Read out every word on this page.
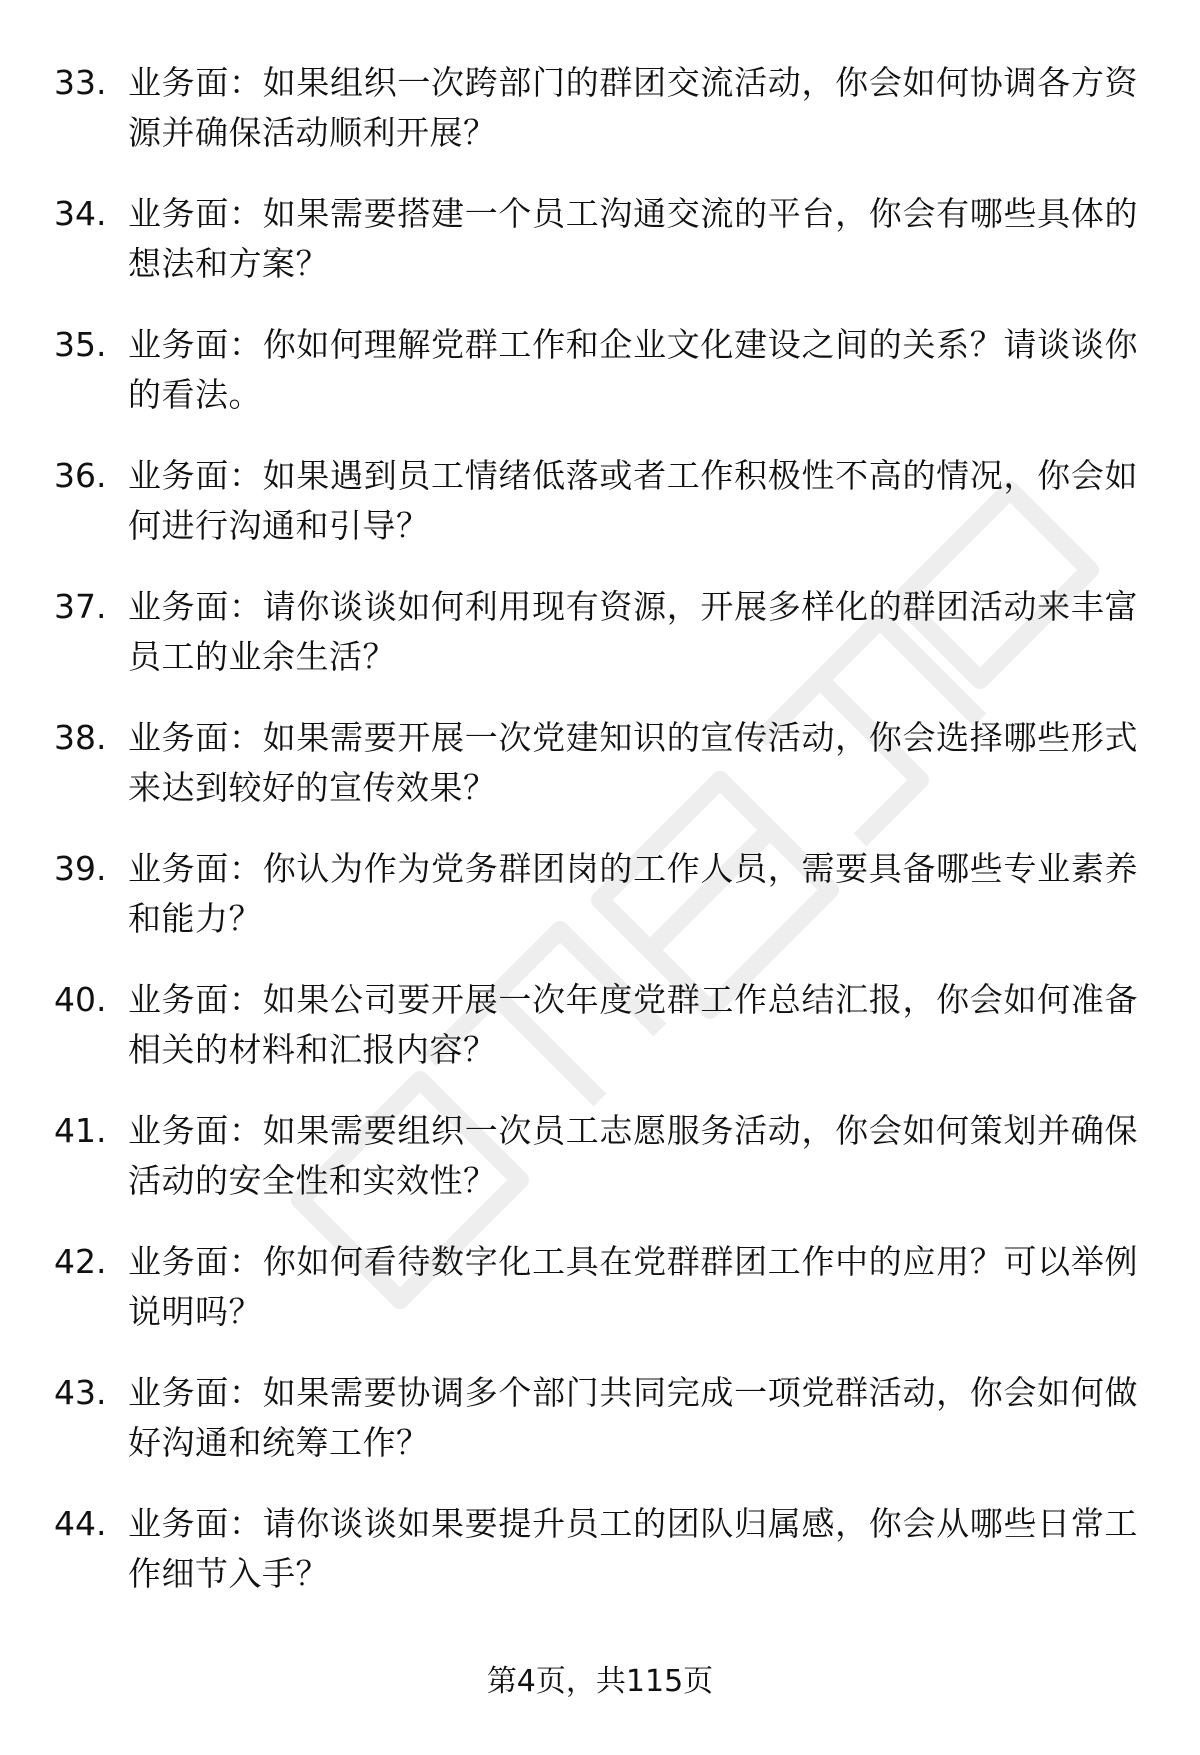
33. 业务面：如果组织一次跨部门的群团交流活动，你会如何协调各方资源并确保活动顺利开展？
34. 业务面：如果需要搭建一个员工沟通交流的平台，你会有哪些具体的想法和方案？
35. 业务面：你如何理解党群工作和企业文化建设之间的关系？请谈谈你的看法。
36. 业务面：如果遇到员工情绪低落或者工作积极性不高的情况，你会如何进行沟通和引导？
37. 业务面：请你谈谈如何利用现有资源，开展多样化的群团活动来丰富员工的业余生活？
38. 业务面：如果需要开展一次党建知识的宣传活动，你会选择哪些形式来达到较好的宣传效果？
39. 业务面：你认为作为党务群团岗的工作人员，需要具备哪些专业素养和能力？
40. 业务面：如果公司要开展一次年度党群工作总结汇报，你会如何准备相关的材料和汇报内容？
41. 业务面：如果需要组织一次员工志愿服务活动，你会如何策划并确保活动的安全性和实效性？
42. 业务面：你如何看待数字化工具在党群群团工作中的应用？可以举例说明吗？
43. 业务面：如果需要协调多个部门共同完成一项党群活动，你会如何做好沟通和统筹工作？
44. 业务面：请你谈谈如果要提升员工的团队归属感，你会从哪些日常工作细节入手？
第4页，共115页
